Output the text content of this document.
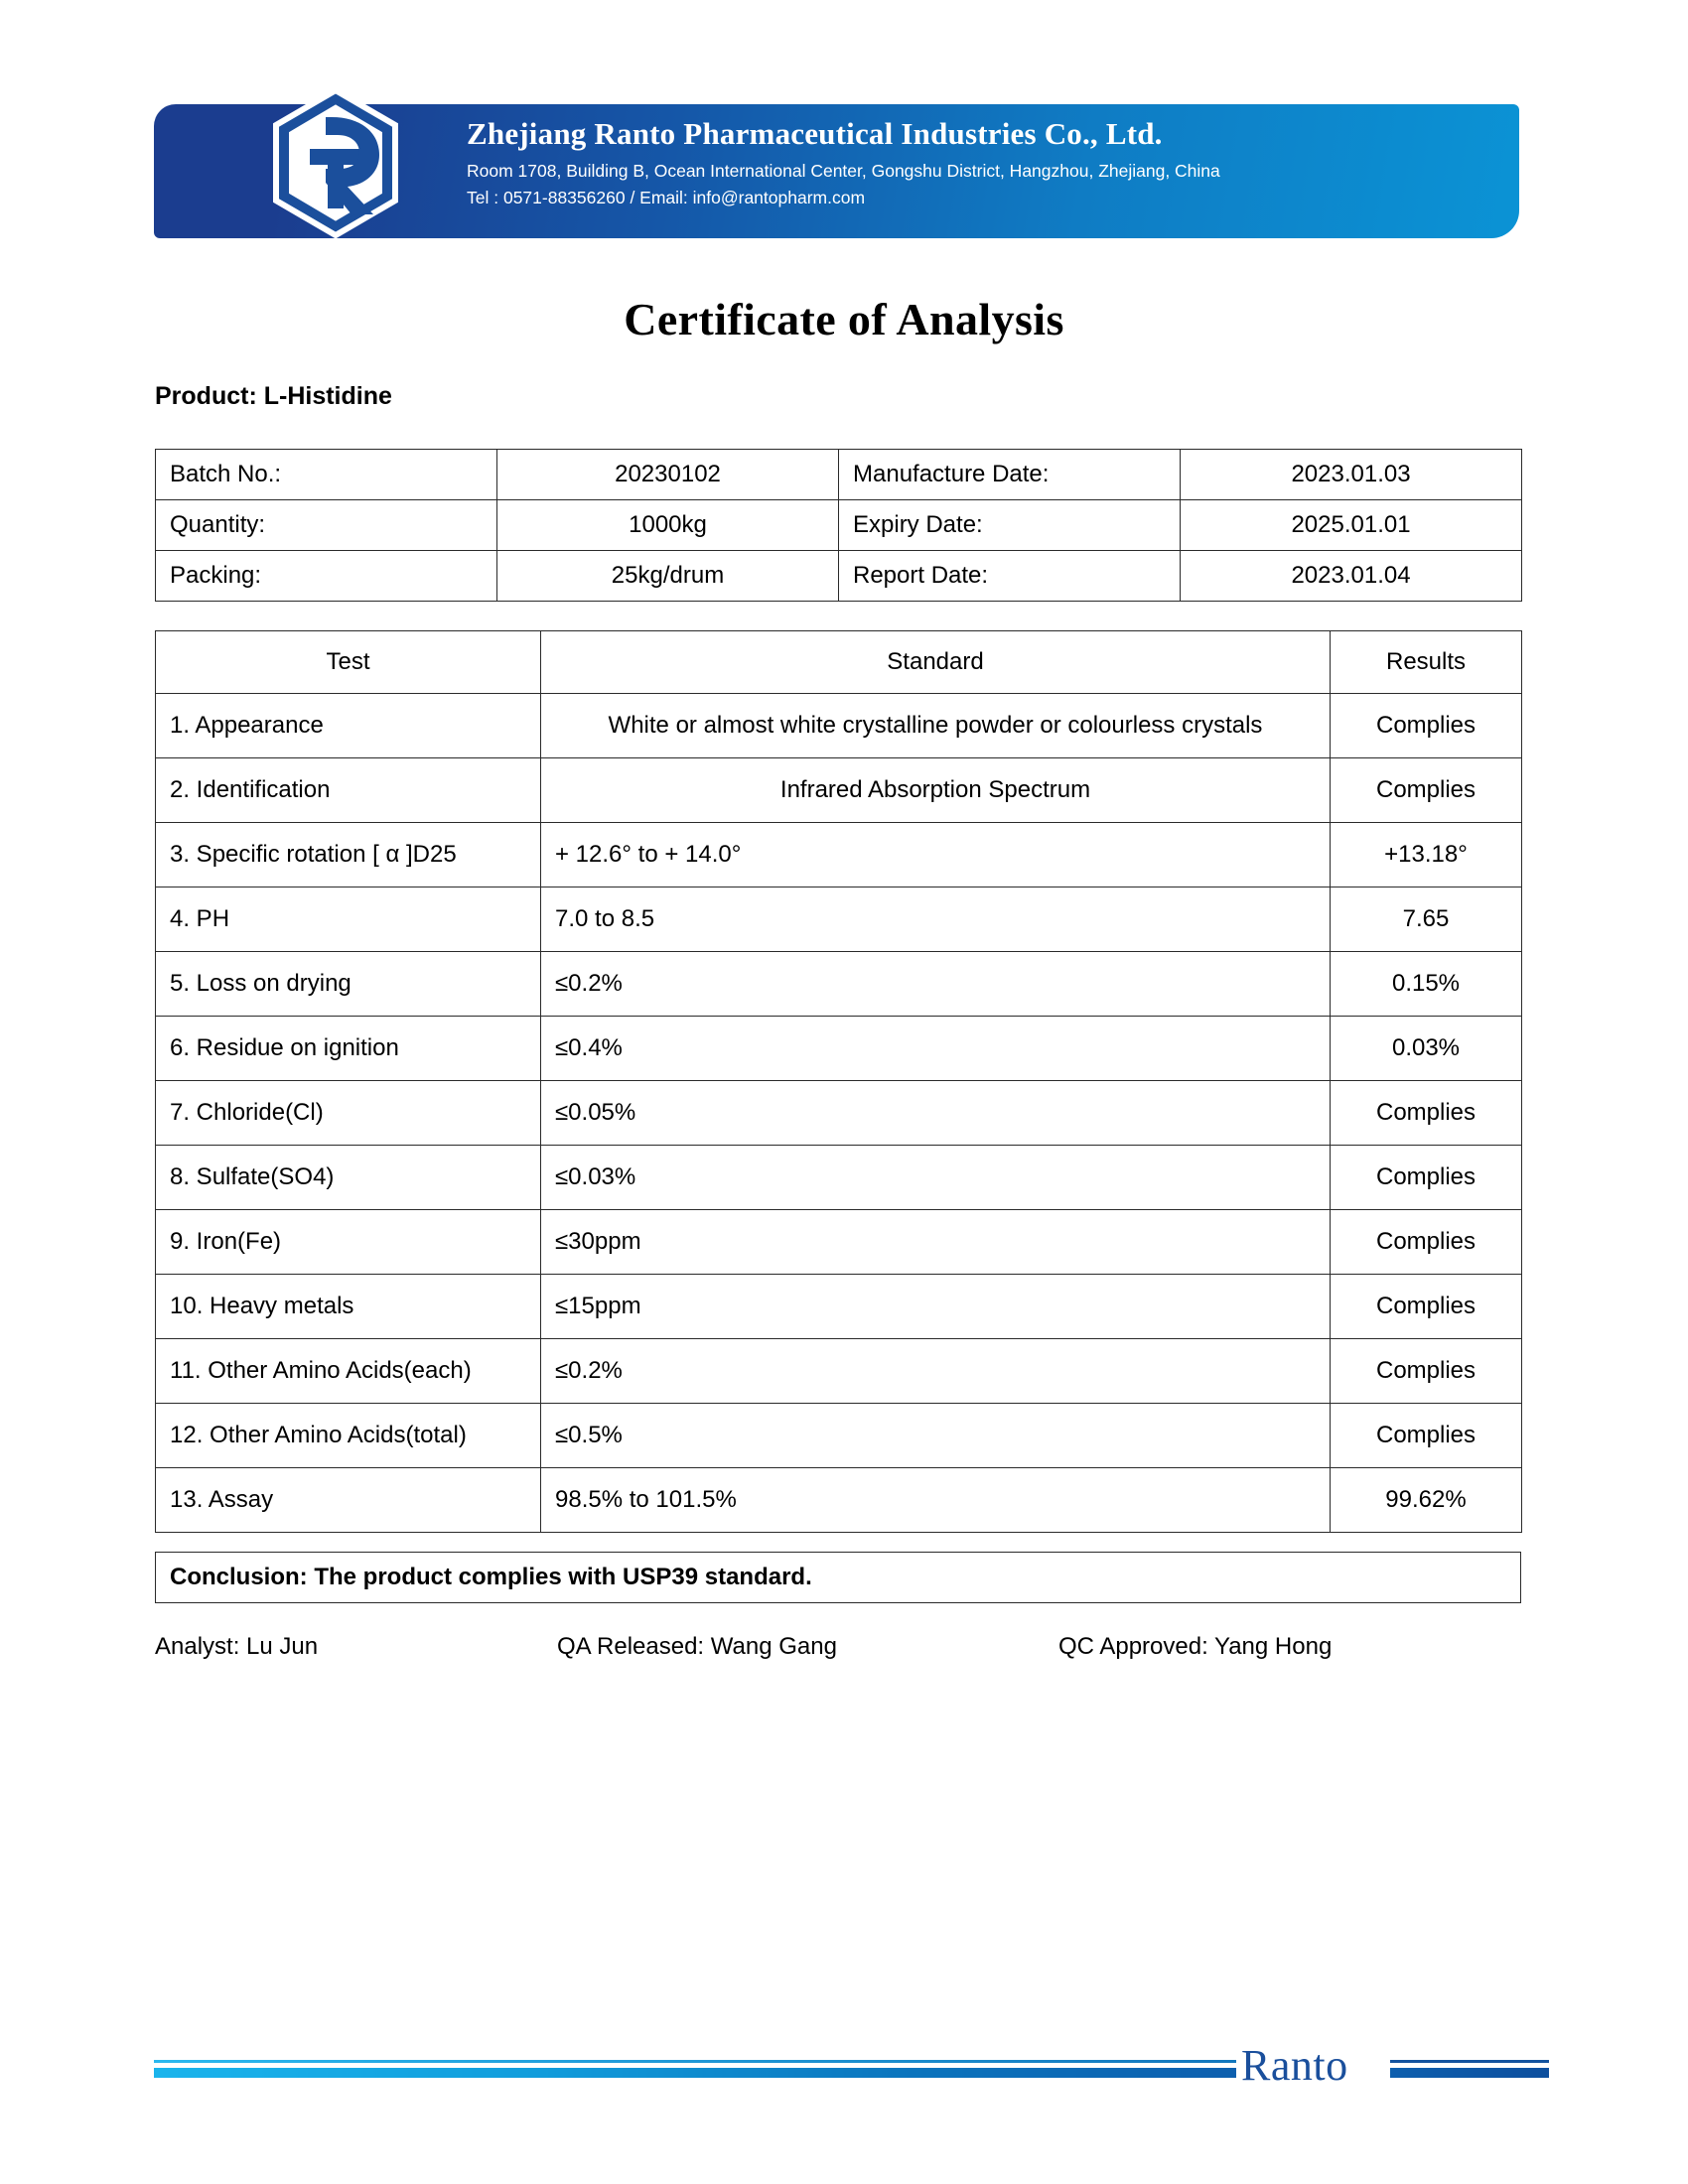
Zhejiang Ranto Pharmaceutical Industries Co., Ltd.
Room 1708, Building B, Ocean International Center, Gongshu District, Hangzhou, Zhejiang, China
Tel : 0571-88356260 / Email: info@rantopharm.com
Certificate of Analysis
Product: L-Histidine
Batch No.:	20230102	Manufacture Date:	2023.01.03
Quantity:	1000kg	Expiry Date:	2025.01.01
Packing:	25kg/drum	Report Date:	2023.01.04
Test	Standard	Results
1. Appearance	White or almost white crystalline powder or colourless crystals	Complies
2. Identification	Infrared Absorption Spectrum	Complies
3. Specific rotation [ α ]D25	+ 12.6° to + 14.0°	+13.18°
4. PH	7.0 to 8.5	7.65
5. Loss on drying	≤0.2%	0.15%
6. Residue on ignition	≤0.4%	0.03%
7. Chloride(Cl)	≤0.05%	Complies
8. Sulfate(SO4)	≤0.03%	Complies
9. Iron(Fe)	≤30ppm	Complies
10. Heavy metals	≤15ppm	Complies
11. Other Amino Acids(each)	≤0.2%	Complies
12. Other Amino Acids(total)	≤0.5%	Complies
13. Assay	98.5% to 101.5%	99.62%
Conclusion: The product complies with USP39 standard.
Analyst: Lu Jun	QA Released: Wang Gang	QC Approved: Yang Hong
Ranto
